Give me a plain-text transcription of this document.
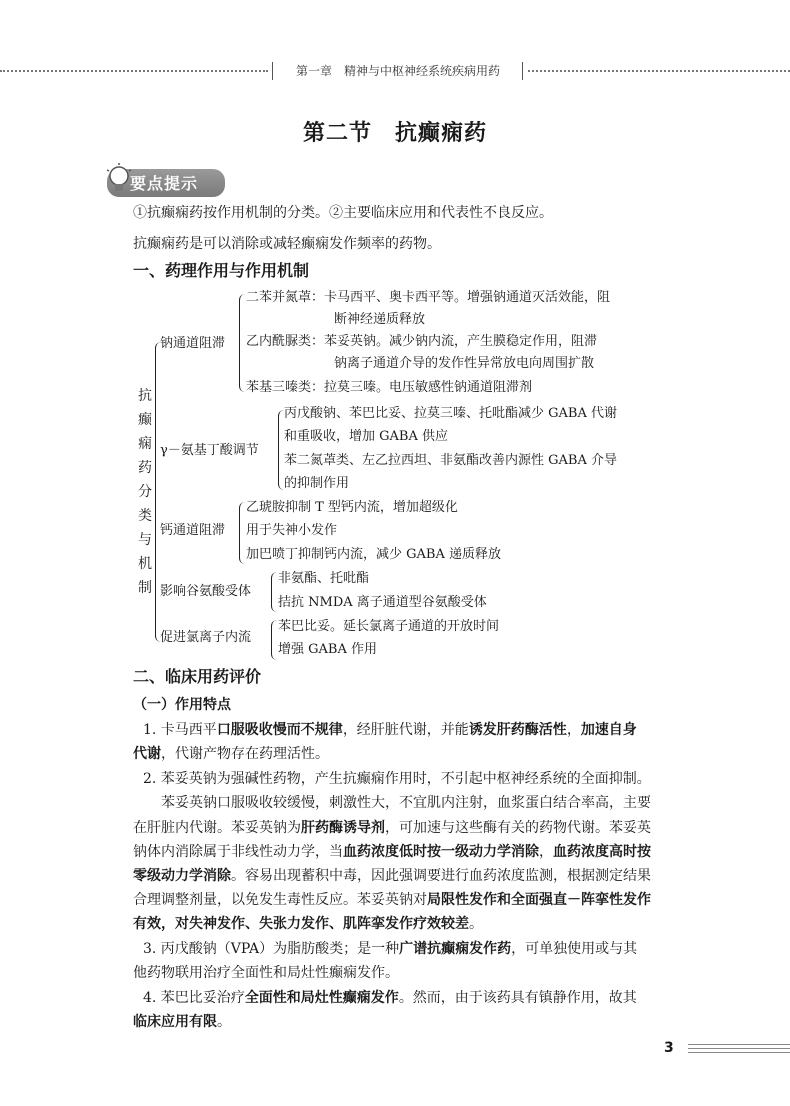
第一章　精神与中枢神经系统疾病用药
第二节　抗癫痫药
要点提示
①抗癫痫药按作用机制的分类。②主要临床应用和代表性不良反应。
抗癫痫药是可以消除或减轻癫痫发作频率的药物。
一、药理作用与作用机制
抗
癫
痫
药
分
类
与
机
制
钠通道阻滞
二苯并氮䓬：卡马西平、奥卡西平等。增强钠通道灭活效能，阻
断神经递质释放
乙内酰脲类：苯妥英钠。减少钠内流，产生膜稳定作用，阻滞
钠离子通道介导的发作性异常放电向周围扩散
苯基三嗪类：拉莫三嗪。电压敏感性钠通道阻滞剂
γ－氨基丁酸调节
丙戊酸钠、苯巴比妥、拉莫三嗪、托吡酯减少 GABA 代谢
和重吸收，增加 GABA 供应
苯二氮䓬类、左乙拉西坦、非氨酯改善内源性 GABA 介导
的抑制作用
钙通道阻滞
乙琥胺抑制 T 型钙内流，增加超级化
用于失神小发作
加巴喷丁抑制钙内流，减少 GABA 递质释放
影响谷氨酸受体
非氨酯、托吡酯
拮抗 NMDA 离子通道型谷氨酸受体
促进氯离子内流
苯巴比妥。延长氯离子通道的开放时间
增强 GABA 作用
二、临床用药评价
（一）作用特点
1. 卡马西平口服吸收慢而不规律，经肝脏代谢，并能诱发肝药酶活性，加速自身
代谢，代谢产物存在药理活性。
2. 苯妥英钠为强碱性药物，产生抗癫痫作用时，不引起中枢神经系统的全面抑制。
苯妥英钠口服吸收较缓慢，刺激性大，不宜肌内注射，血浆蛋白结合率高，主要
在肝脏内代谢。苯妥英钠为肝药酶诱导剂，可加速与这些酶有关的药物代谢。苯妥英
钠体内消除属于非线性动力学，当血药浓度低时按一级动力学消除，血药浓度高时按
零级动力学消除。容易出现蓄积中毒，因此强调要进行血药浓度监测，根据测定结果
合理调整剂量，以免发生毒性反应。苯妥英钠对局限性发作和全面强直－阵挛性发作
有效，对失神发作、失张力发作、肌阵挛发作疗效较差。
3. 丙戊酸钠（VPA）为脂肪酸类；是一种广谱抗癫痫发作药，可单独使用或与其
他药物联用治疗全面性和局灶性癫痫发作。
4. 苯巴比妥治疗全面性和局灶性癫痫发作。然而，由于该药具有镇静作用，故其
临床应用有限。
3
